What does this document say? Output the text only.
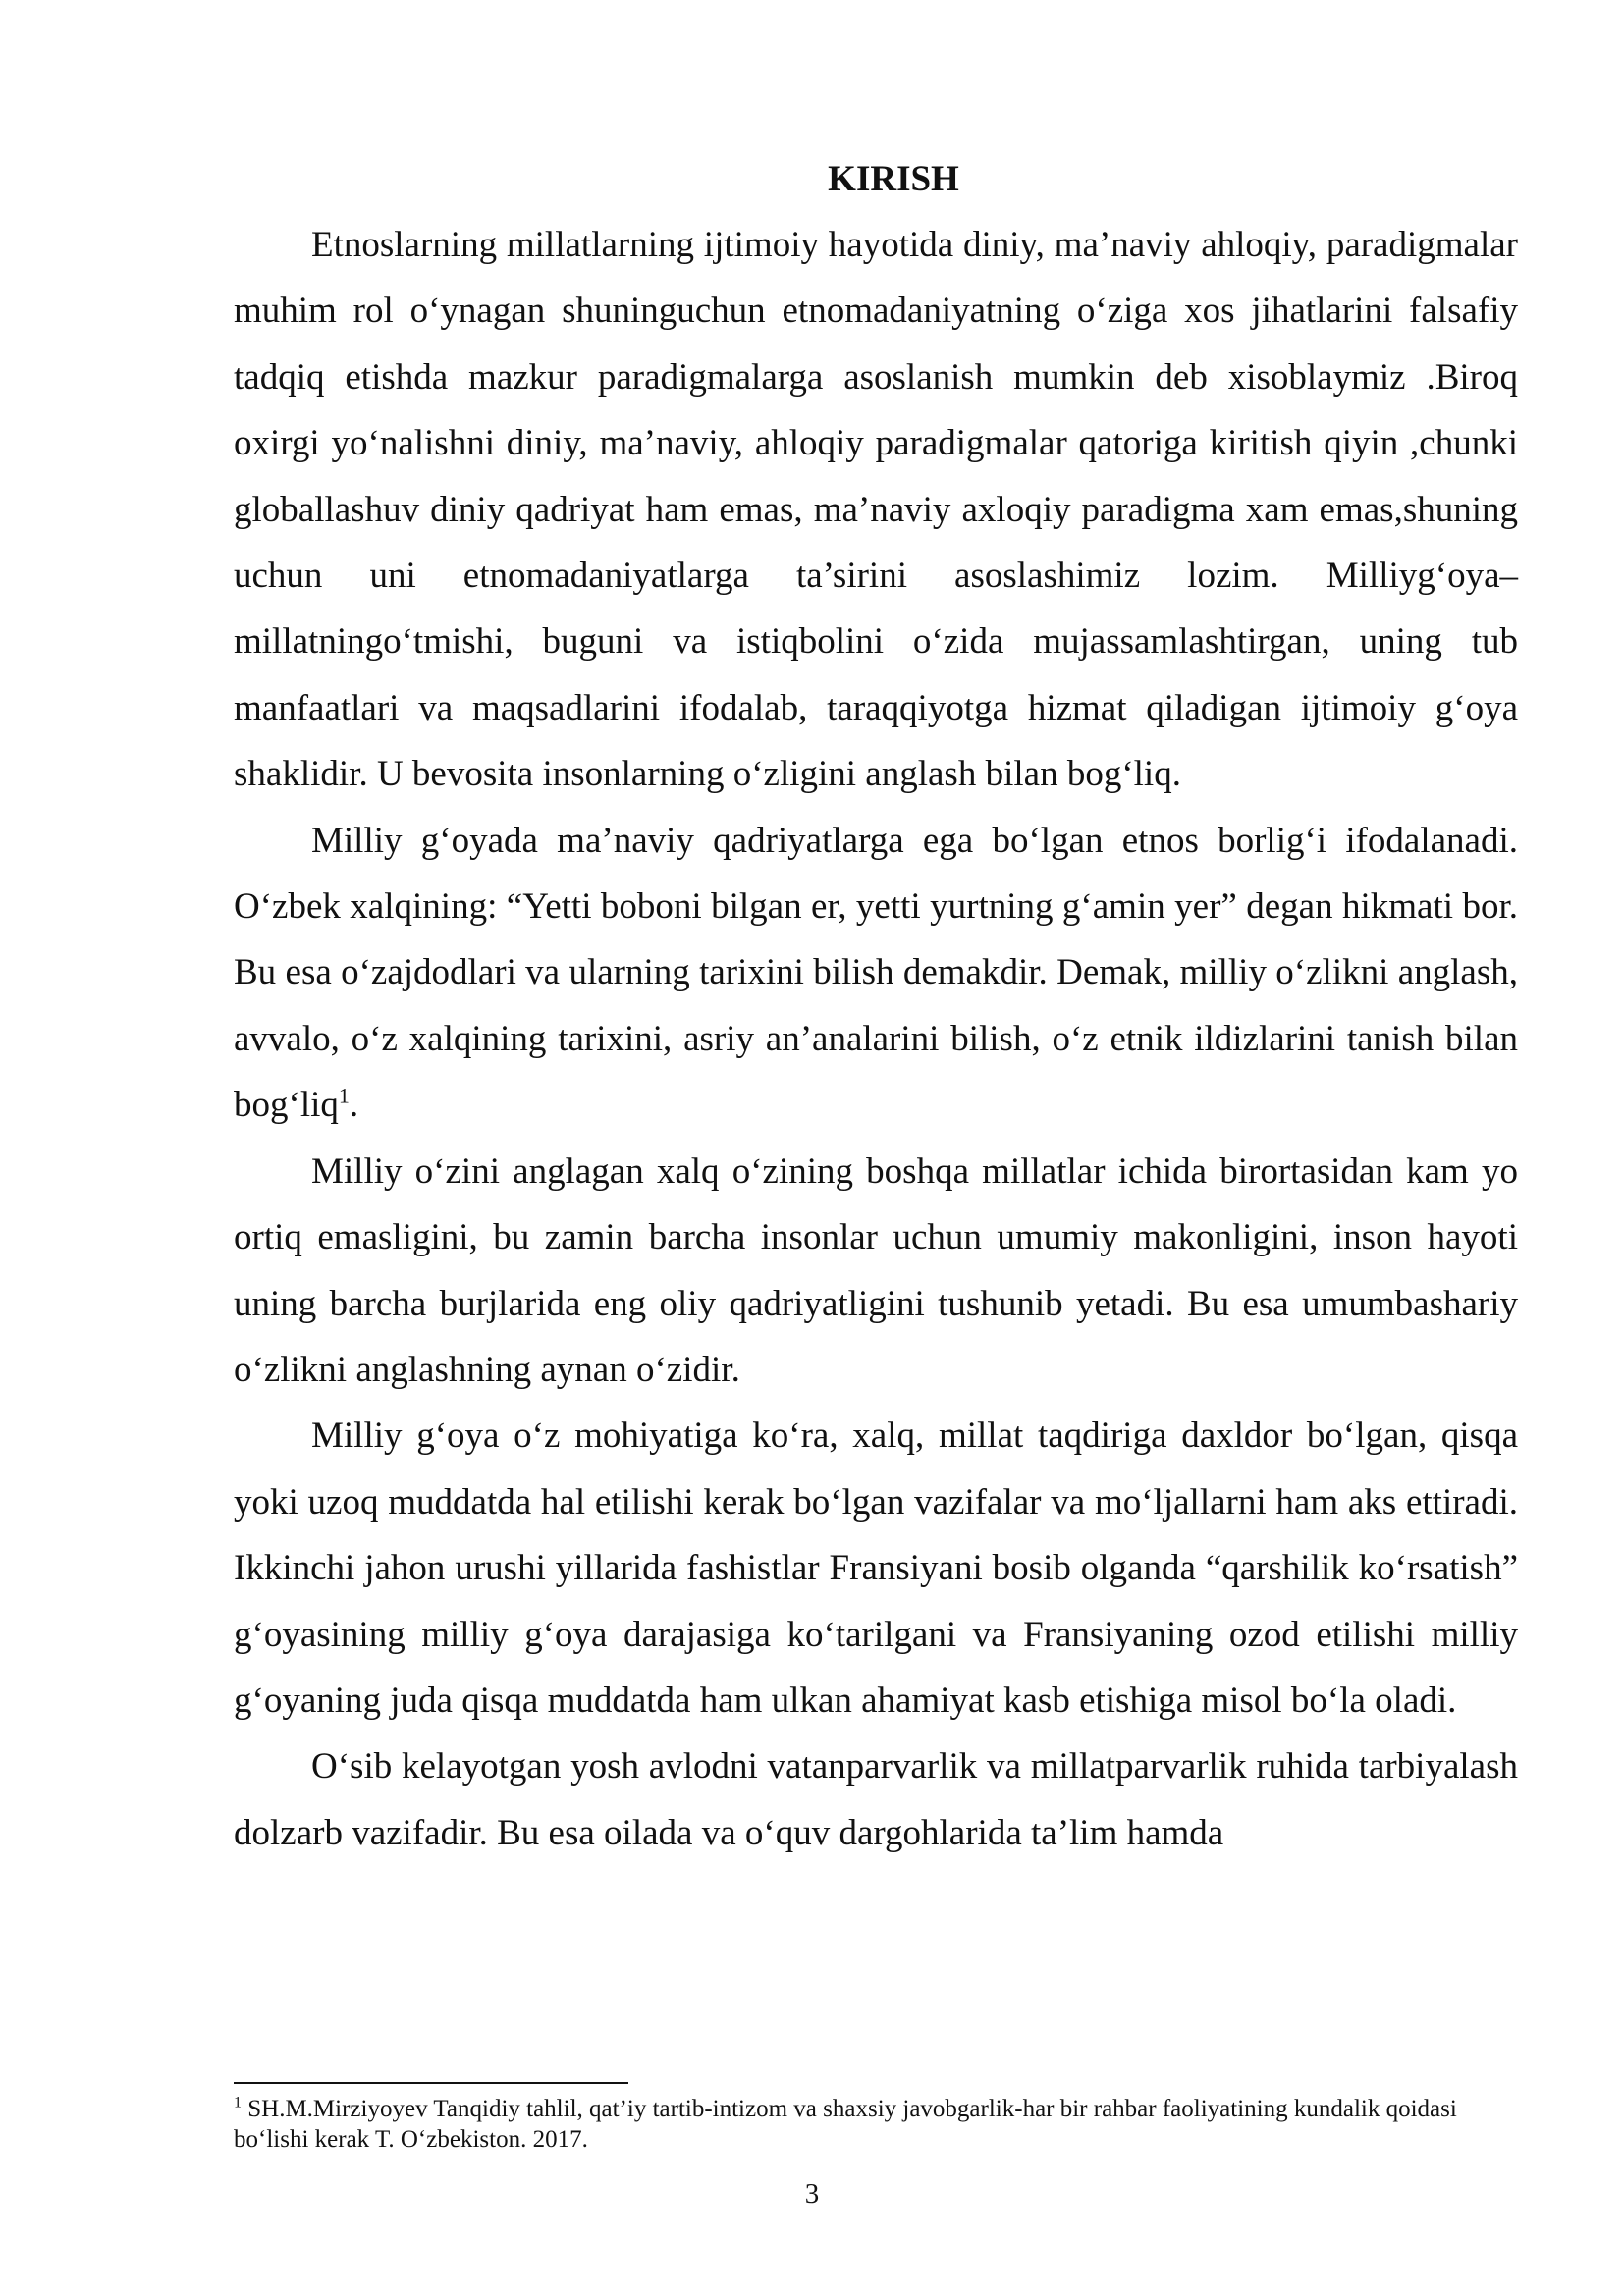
KIRISH

Etnoslarning millatlarning ijtimoiy hayotida diniy, ma’naviy ahloqiy, paradigmalar muhim rol o‘ynagan shuninguchun etnomadaniyatning o‘ziga xos jihatlarini falsafiy tadqiq etishda mazkur paradigmalarga asoslanish mumkin deb xisoblaymiz .Biroq oxirgi yo‘nalishni diniy, ma’naviy, ahloqiy paradigmalar qatoriga kiritish qiyin ,chunki globallashuv diniy qadriyat ham emas, ma’naviy axloqiy paradigma xam emas,shuning uchun uni etnomadaniyatlarga ta’sirini asoslashimiz lozim. Milliyg‘oya–millatningo‘tmishi, buguni va istiqbolini o‘zida mujassamlashtirgan, uning tub manfaatlari va maqsadlarini ifodalab, taraqqiyotga hizmat qiladigan ijtimoiy g‘oya shaklidir. U bevosita insonlarning o‘zligini anglash bilan bog‘liq.

Milliy g‘oyada ma’naviy qadriyatlarga ega bo‘lgan etnos borlig‘i ifodalanadi. O‘zbek xalqining: “Yetti boboni bilgan er, yetti yurtning g‘amin yer” degan hikmati bor. Bu esa o‘zajdodlari va ularning tarixini bilish demakdir. Demak, milliy o‘zlikni anglash, avvalo, o‘z xalqining tarixini, asriy an’analarini bilish, o‘z etnik ildizlarini tanish bilan bog‘liq$^1$.

Milliy o‘zini anglagan xalq o‘zining boshqa millatlar ichida birortasidan kam yo ortiq emasligini, bu zamin barcha insonlar uchun umumiy makonligini, inson hayoti uning barcha burjlarida eng oliy qadriyatligini tushunib yetadi. Bu esa umumbashariy o‘zlikni anglashning aynan o‘zidir.

Milliy g‘oya o‘z mohiyatiga ko‘ra, xalq, millat taqdiriga daxldor bo‘lgan, qisqa yoki uzoq muddatda hal etilishi kerak bo‘lgan vazifalar va mo‘ljallarni ham aks ettiradi. Ikkinchi jahon urushi yillarida fashistlar Fransiyani bosib olganda “qarshilik ko‘rsatish” g‘oyasining milliy g‘oya darajasiga ko‘tarilgani va Fransiyaning ozod etilishi milliy g‘oyaning juda qisqa muddatda ham ulkan ahamiyat kasb etishiga misol bo‘la oladi.

O‘sib kelayotgan yosh avlodni vatanparvarlik va millatparvarlik ruhida tarbiyalash dolzarb vazifadir. Bu esa oilada va o‘quv dargohlarida ta’lim hamda

$^1$ SH.M.Mirziyoyev Tanqidiy tahlil, qat’iy tartib-intizom va shaxsiy javobgarlik-har bir rahbar faoliyatining kundalik qoidasi bo‘lishi kerak T. O‘zbekiston. 2017.

3
